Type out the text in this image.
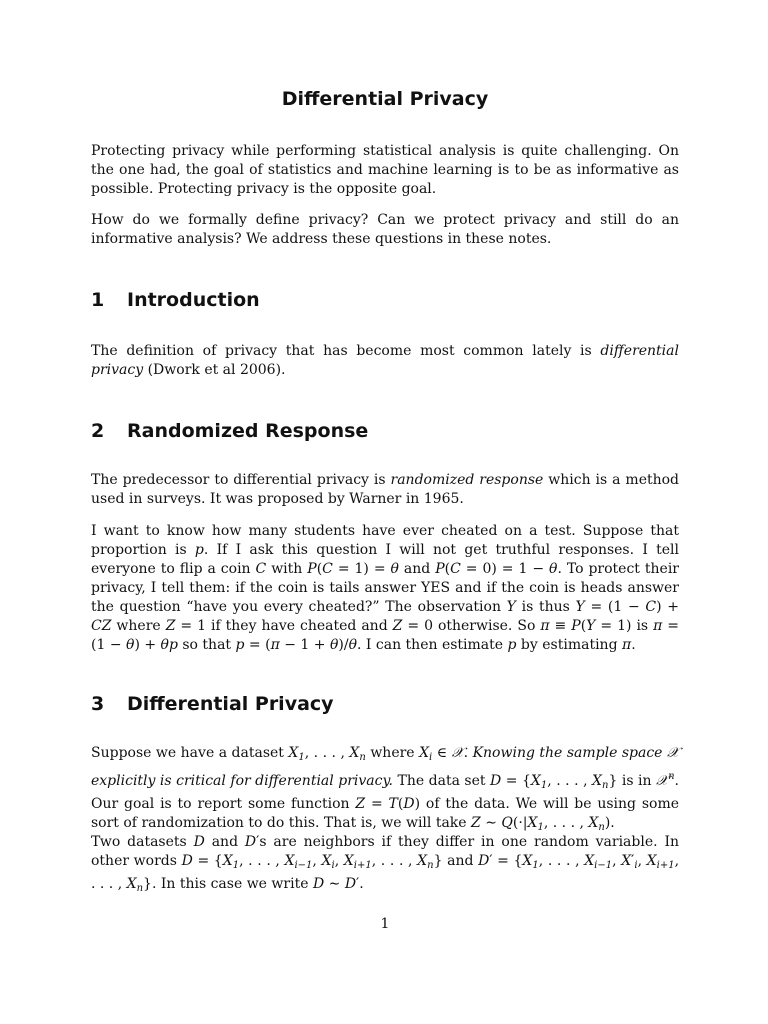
Differential Privacy

Protecting privacy while performing statistical analysis is quite challenging. On the one had, the goal of statistics and machine learning is to be as informative as possible. Protecting privacy is the opposite goal.

How do we formally define privacy? Can we protect privacy and still do an informative analysis? We address these questions in these notes.

1 Introduction

The definition of privacy that has become most common lately is differential privacy (Dwork et al 2006).

2 Randomized Response

The predecessor to differential privacy is randomized response which is a method used in surveys. It was proposed by Warner in 1965.

I want to know how many students have ever cheated on a test. Suppose that proportion is p. If I ask this question I will not get truthful responses. I tell everyone to flip a coin C with P(C = 1) = θ and P(C = 0) = 1 − θ. To protect their privacy, I tell them: if the coin is tails answer YES and if the coin is heads answer the question “have you every cheated?” The observation Y is thus Y = (1 − C) + CZ where Z = 1 if they have cheated and Z = 0 otherwise. So π ≡ P(Y = 1) is π = (1 − θ) + θp so that p = (π − 1 + θ)/θ. I can then estimate p by estimating π.

3 Differential Privacy

Suppose we have a dataset $X_1$, . . . , $X_n$ where $X_i$ ∈ 𝒳. Knowing the sample space 𝒳 explicitly is critical for differential privacy. The data set $D = \{X_1$, . . . , $X_n$} is in 𝒳$^n$. Our goal is to report some function Z = T(D) of the data. We will be using some sort of randomization to do this. That is, we will take Z ∼ $Q(\cdot|X_1$, . . . , $X_n$).

Two datasets D and D′s are neighbors if they differ in one random variable. In other words $D = \{X_1$, . . . , $X_{i-1}$, $X_i$, $X_{i+1}$, . . . , $X_n$} and $D' = \{X_1$, . . . , $X_{i-1}$, $X'_i$, $X_{i+1}$, . . . , $X_n$}. In this case we write D ∼ D′.

1
